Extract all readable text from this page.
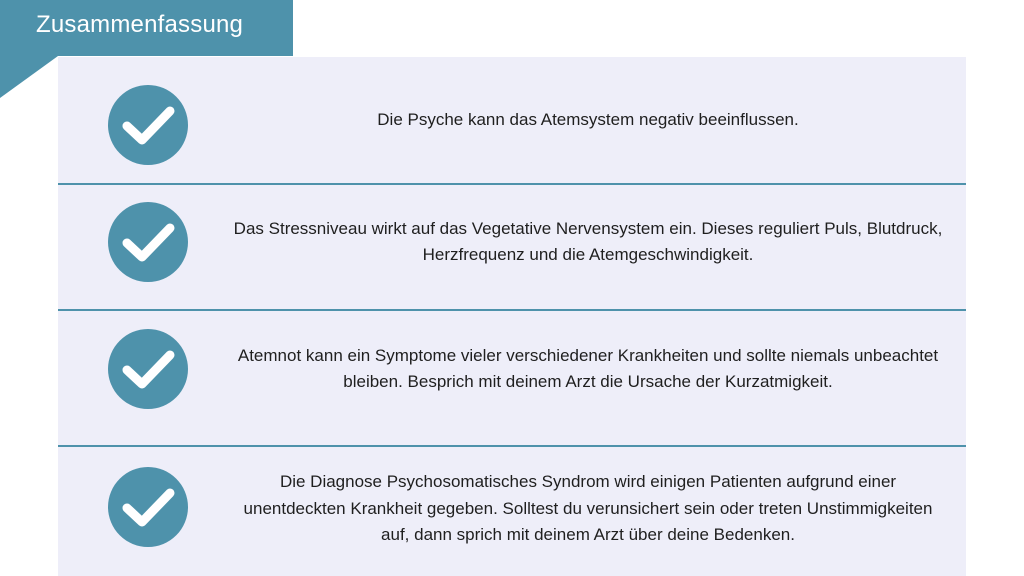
Zusammenfassung
Die Psyche kann das Atemsystem negativ beeinflussen.
Das Stressniveau wirkt auf das Vegetative Nervensystem ein. Dieses reguliert Puls, Blutdruck, Herzfrequenz und die Atemgeschwindigkeit.
Atemnot kann ein Symptome vieler verschiedener Krankheiten und sollte niemals unbeachtet bleiben. Besprich mit deinem Arzt die Ursache der Kurzatmigkeit.
Die Diagnose Psychosomatisches Syndrom wird einigen Patienten aufgrund einer unentdeckten Krankheit gegeben. Solltest du verunsichert sein oder treten Unstimmigkeiten auf, dann sprich mit deinem Arzt über deine Bedenken.
